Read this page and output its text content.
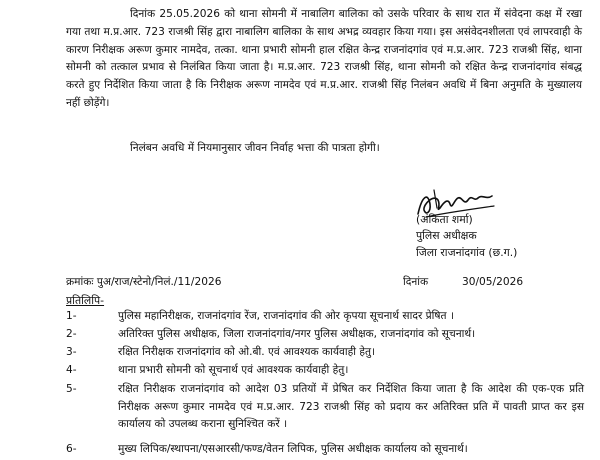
दिनांक 25.05.2026 को थाना सोमनी में नाबालिग बालिका को उसके परिवार के साथ रात में संवेदना कक्ष में रखा गया तथा म.प्र.आर. 723 राजश्री सिंह द्वारा नाबालिग बालिका के साथ अभद्र व्यवहार किया गया। इस असंवेदनशीलता एवं लापरवाही के कारण निरीक्षक अरूण कुमार नामदेव, तत्का. थाना प्रभारी सोमनी हाल रक्षित केन्द्र राजनांदगांव एवं म.प्र.आर. 723 राजश्री सिंह, थाना सोमनी को तत्काल प्रभाव से निलंबित किया जाता है। म.प्र.आर. 723 राजश्री सिंह, थाना सोमनी को रक्षित केन्द्र राजनांदगांव संबद्ध करते हुए निर्देशित किया जाता है कि निरीक्षक अरूण नामदेव एवं म.प्र.आर. राजश्री सिंह निलंबन अवधि में बिना अनुमति के मुख्यालय नहीं छोड़ेंगे।

निलंबन अवधि में नियमानुसार जीवन निर्वाह भत्ता की पात्रता होगी।

(अंकिता शर्मा)
पुलिस अधीक्षक
जिला राजनांदगांव (छ.ग.)
क्रमांकः पुअ/राज/स्टेनो/निलं./11/2026	दिनांक	30/05/2026
प्रतिलिपि-
1-	पुलिस महानिरीक्षक, राजनांदगांव रेंज, राजनांदगांव की ओर कृपया सूचनार्थ सादर प्रेषित ।
2-	अतिरिक्त पुलिस अधीक्षक, जिला राजनांदगांव/नगर पुलिस अधीक्षक, राजनांदगांव को सूचनार्थ।
3-	रक्षित निरीक्षक राजनांदगांव को ओ.बी. एवं आवश्यक कार्यवाही हेतु।
4-	थाना प्रभारी सोमनी को सूचनार्थ एवं आवश्यक कार्यवाही हेतु।
5-	रक्षित निरीक्षक राजनांदगांव को आदेश 03 प्रतियों में प्रेषित कर निर्देशित किया जाता है कि आदेश की एक-एक प्रति निरीक्षक अरूण कुमार नामदेव एवं म.प्र.आर. 723 राजश्री सिंह को प्रदाय कर अतिरिक्त प्रति में पावती प्राप्त कर इस कार्यालय को उपलब्ध कराना सुनिश्चित करें ।
6-	मुख्य लिपिक/स्थापना/एसआरसी/फण्ड/वेतन लिपिक, पुलिस अधीक्षक कार्यालय को सूचनार्थ।
